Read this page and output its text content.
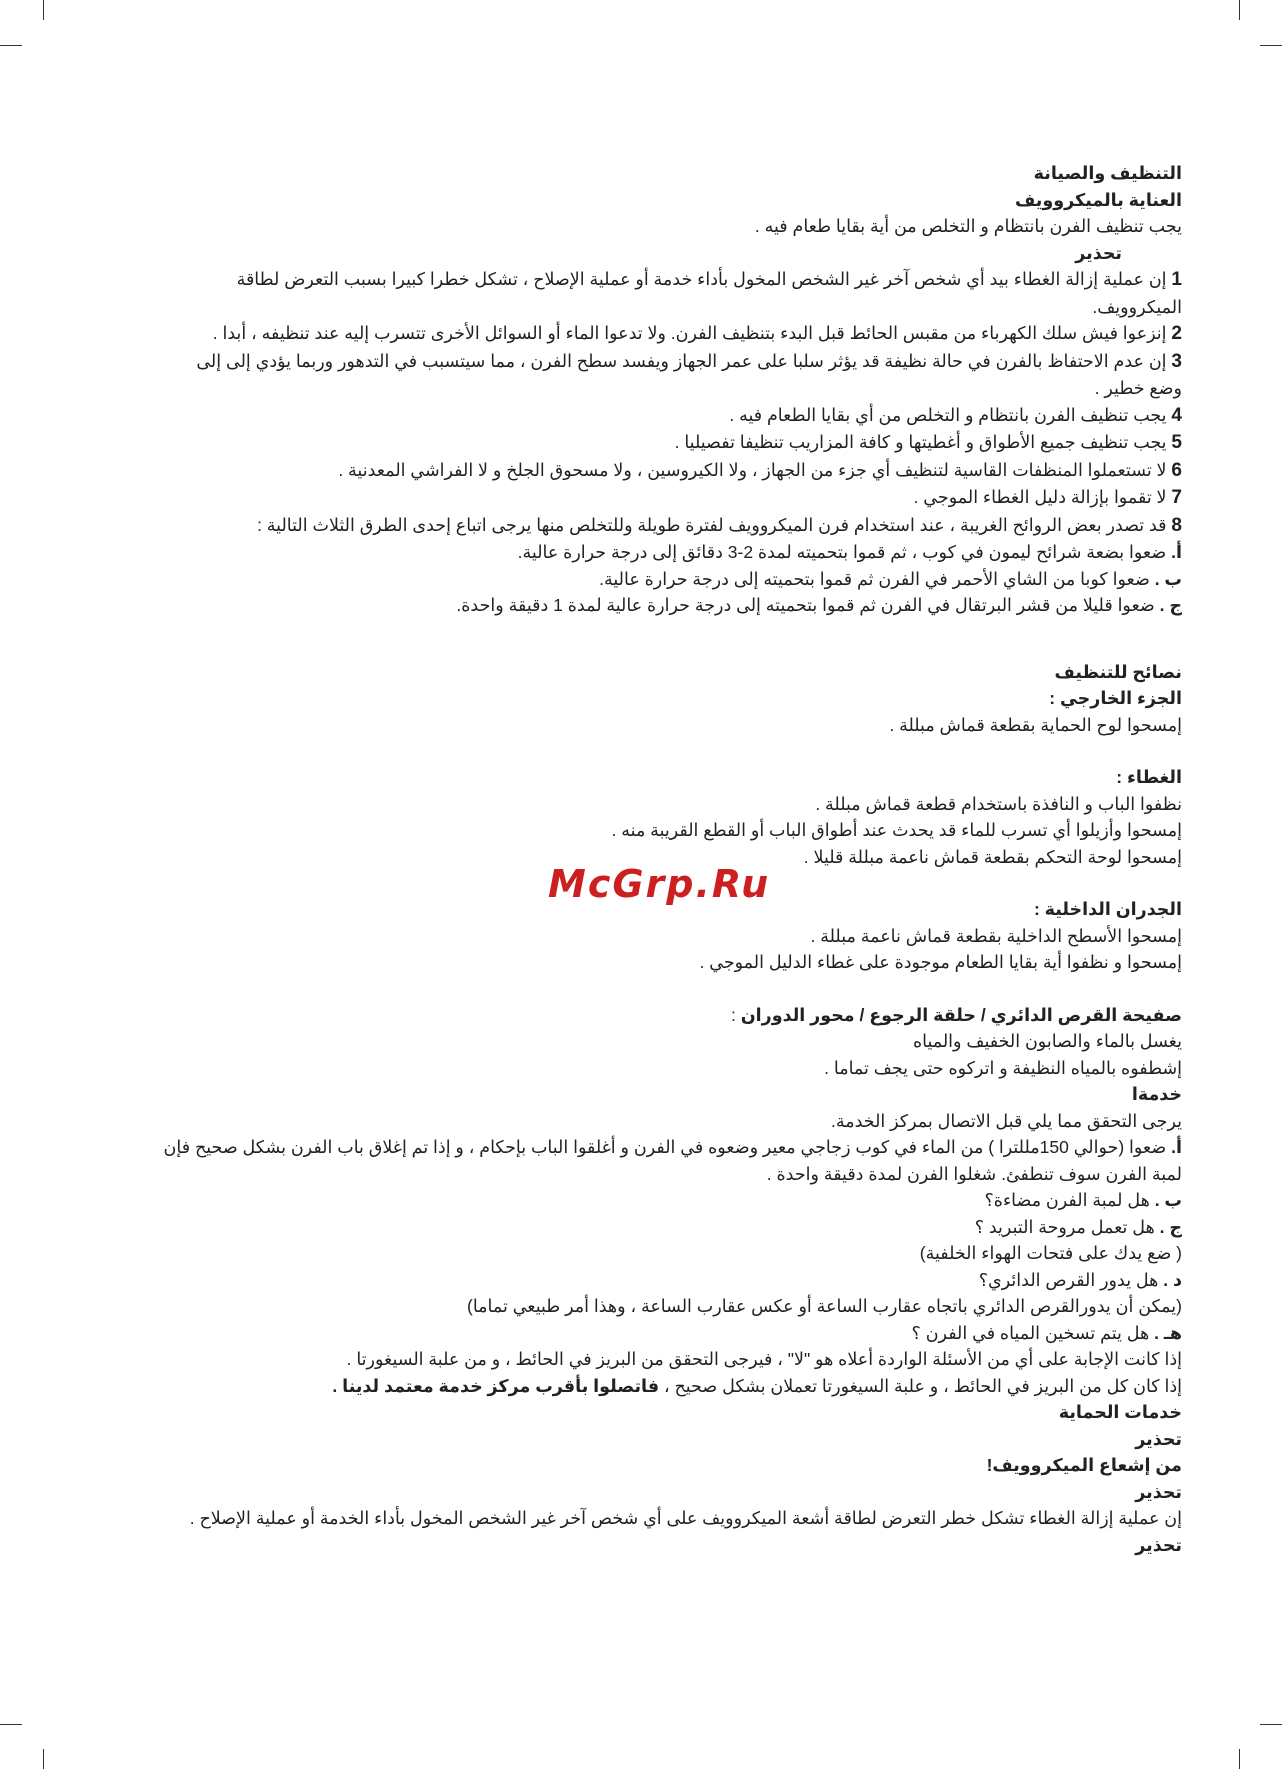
McGrp.Ru

التنظيف والصيانة

العناية بالميكروويف

يجب تنظيف الفرن بانتظام و التخلص من أية بقايا طعام فيه .

تحذير

1 إن عملية إزالة الغطاء بيد أي شخص آخر غير الشخص المخول بأداء خدمة أو عملية الإصلاح ، تشكل خطرا كبيرا بسبب التعرض لطاقة الميكروويف.

2 إنزعوا فيش سلك الكهرباء من مقبس الحائط قبل البدء بتنظيف الفرن. ولا تدعوا الماء أو السوائل الأخرى تتسرب إليه عند تنظيفه ، أبدا .

3 إن عدم الاحتفاظ بالفرن في حالة نظيفة قد يؤثر سلبا على عمر الجهاز ويفسد سطح الفرن ، مما سيتسبب في التدهور وربما يؤدي إلى إلى وضع خطير .

4 يجب تنظيف الفرن بانتظام و التخلص من أي بقايا الطعام فيه .

5 يجب تنظيف جميع الأطواق و أغطيتها و كافة المزاريب تنظيفا تفصيليا .

6 لا تستعملوا المنظفات القاسية لتنظيف أي جزء من الجهاز ، ولا الكيروسين ، ولا مسحوق الجلخ و لا الفراشي المعدنية .

7 لا تقموا بإزالة دليل الغطاء الموجي .

8 قد تصدر بعض الروائح الغريبة ، عند استخدام فرن الميكروويف لفترة طويلة وللتخلص منها يرجى اتباع إحدى الطرق الثلاث التالية :

أ. ضعوا بضعة شرائح ليمون في كوب ، ثم قموا بتحميته لمدة 2-3 دقائق إلى درجة حرارة عالية.

ب . ضعوا كوبا من الشاي الأحمر في الفرن ثم قموا بتحميته إلى درجة حرارة عالية.

ج . ضعوا قليلا من قشر البرتقال في الفرن ثم قموا بتحميته إلى درجة حرارة عالية لمدة 1 دقيقة واحدة.

نصائح للتنظيف

الجزء الخارجي :

إمسحوا لوح الحماية بقطعة قماش مبللة .

الغطاء :

نظفوا الباب و النافذة باستخدام قطعة قماش مبللة .

إمسحوا وأزيلوا أي تسرب للماء قد يحدث عند أطواق الباب أو القطع القريبة منه .

إمسحوا لوحة التحكم بقطعة قماش ناعمة مبللة قليلا .

الجدران الداخلية :

إمسحوا الأسطح الداخلية بقطعة قماش ناعمة مبللة .

إمسحوا و نظفوا أية بقايا الطعام موجودة على غطاء الدليل الموجي .

صفيحة القرص الدائري / حلقة الرجوع / محور الدوران :

يغسل بالماء والصابون الخفيف والمياه

إشطفوه بالمياه النظيفة و اتركوه حتى يجف تماما .

خدمةا

يرجى التحقق مما يلي قبل الاتصال بمركز الخدمة.

أ. ضعوا (حوالي 150مللترا ) من الماء في كوب زجاجي معير وضعوه في الفرن و أغلقوا الباب بإحكام ، و إذا تم إغلاق باب الفرن بشكل صحيح فإن لمبة الفرن سوف تنطفئ. شغلوا الفرن لمدة دقيقة واحدة .

ب . هل لمبة الفرن مضاءة؟

ج . هل تعمل مروحة التبريد ؟

( ضع يدك على فتحات الهواء الخلفية)

د . هل يدور القرص الدائري؟

(يمكن أن يدورالقرص الدائري باتجاه عقارب الساعة أو عكس عقارب الساعة ، وهذا أمر طبيعي تماما)

هـ . هل يتم تسخين المياه في الفرن ؟

إذا كانت الإجابة على أي من الأسئلة الواردة أعلاه هو "لا" ، فيرجى التحقق من البريز في الحائط ، و من علبة السيغورتا .

إذا كان كل من البريز في الحائط ، و علبة السيغورتا تعملان بشكل صحيح ، فاتصلوا بأقرب مركز خدمة معتمد لدينا .

خدمات الحماية

تحذير

من إشعاع الميكروويف!

تحذير

إن عملية إزالة الغطاء تشكل خطر التعرض لطاقة أشعة الميكروويف على أي شخص آخر غير الشخص المخول بأداء الخدمة أو عملية الإصلاح .

تحذير
